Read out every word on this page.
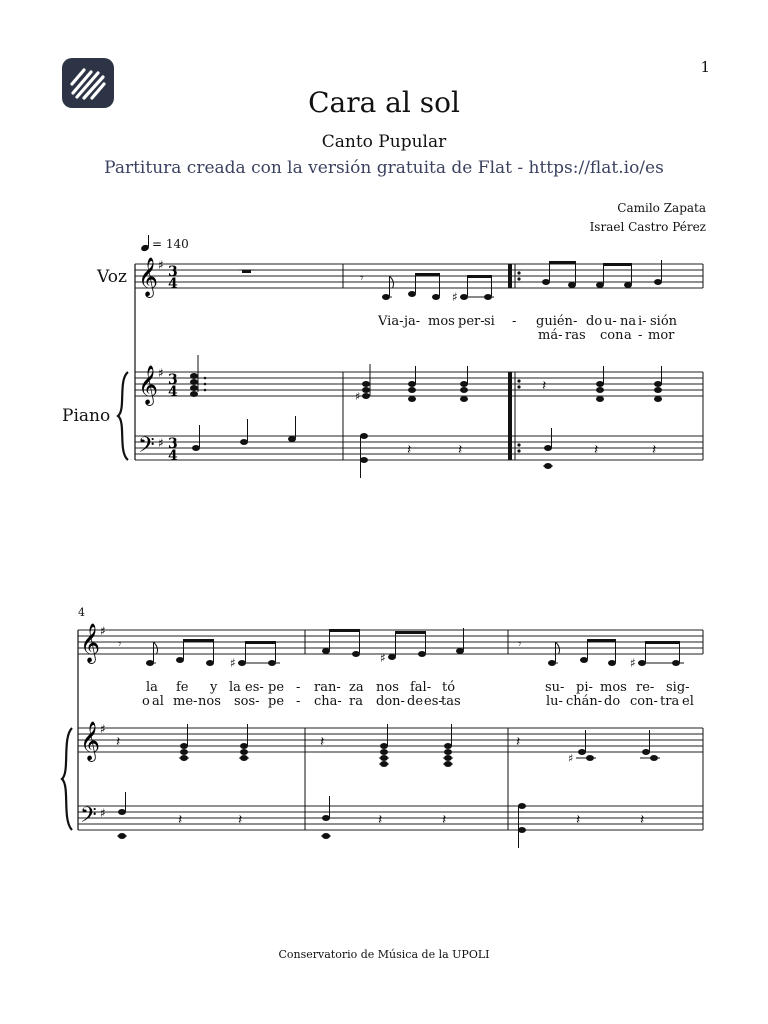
1
Cara al sol
Canto Pupular
Partitura creada con la versión gratuita de Flat - https://flat.io/es
Camilo Zapata
Israel Castro Pérez
𝄞
𝄞
𝄢
♯
♯
♯
3
4
3
4
3
4
𝄾
♯
♯
𝄽	𝄽
𝄽
𝄽	𝄽
𝄞
𝄞
𝄢
♯
♯
♯
𝄾
♯	♯
𝄾
♯
𝄽	𝄽	𝄽
♯
𝄽	𝄽	𝄽	𝄽	𝄽	𝄽
= 140
Voz
Piano
Via- ja- mos per- si - guién - do u- na i- sión
má- ras con a - mor
4
la fe y la es- pe - ran- za nos fal- tó	su- pi- mos re- sig-
o al me- nos sos- pe - cha- ra don- de es-
tas	lu- chán- do con- tra el
Conservatorio de Música de la UPOLI
